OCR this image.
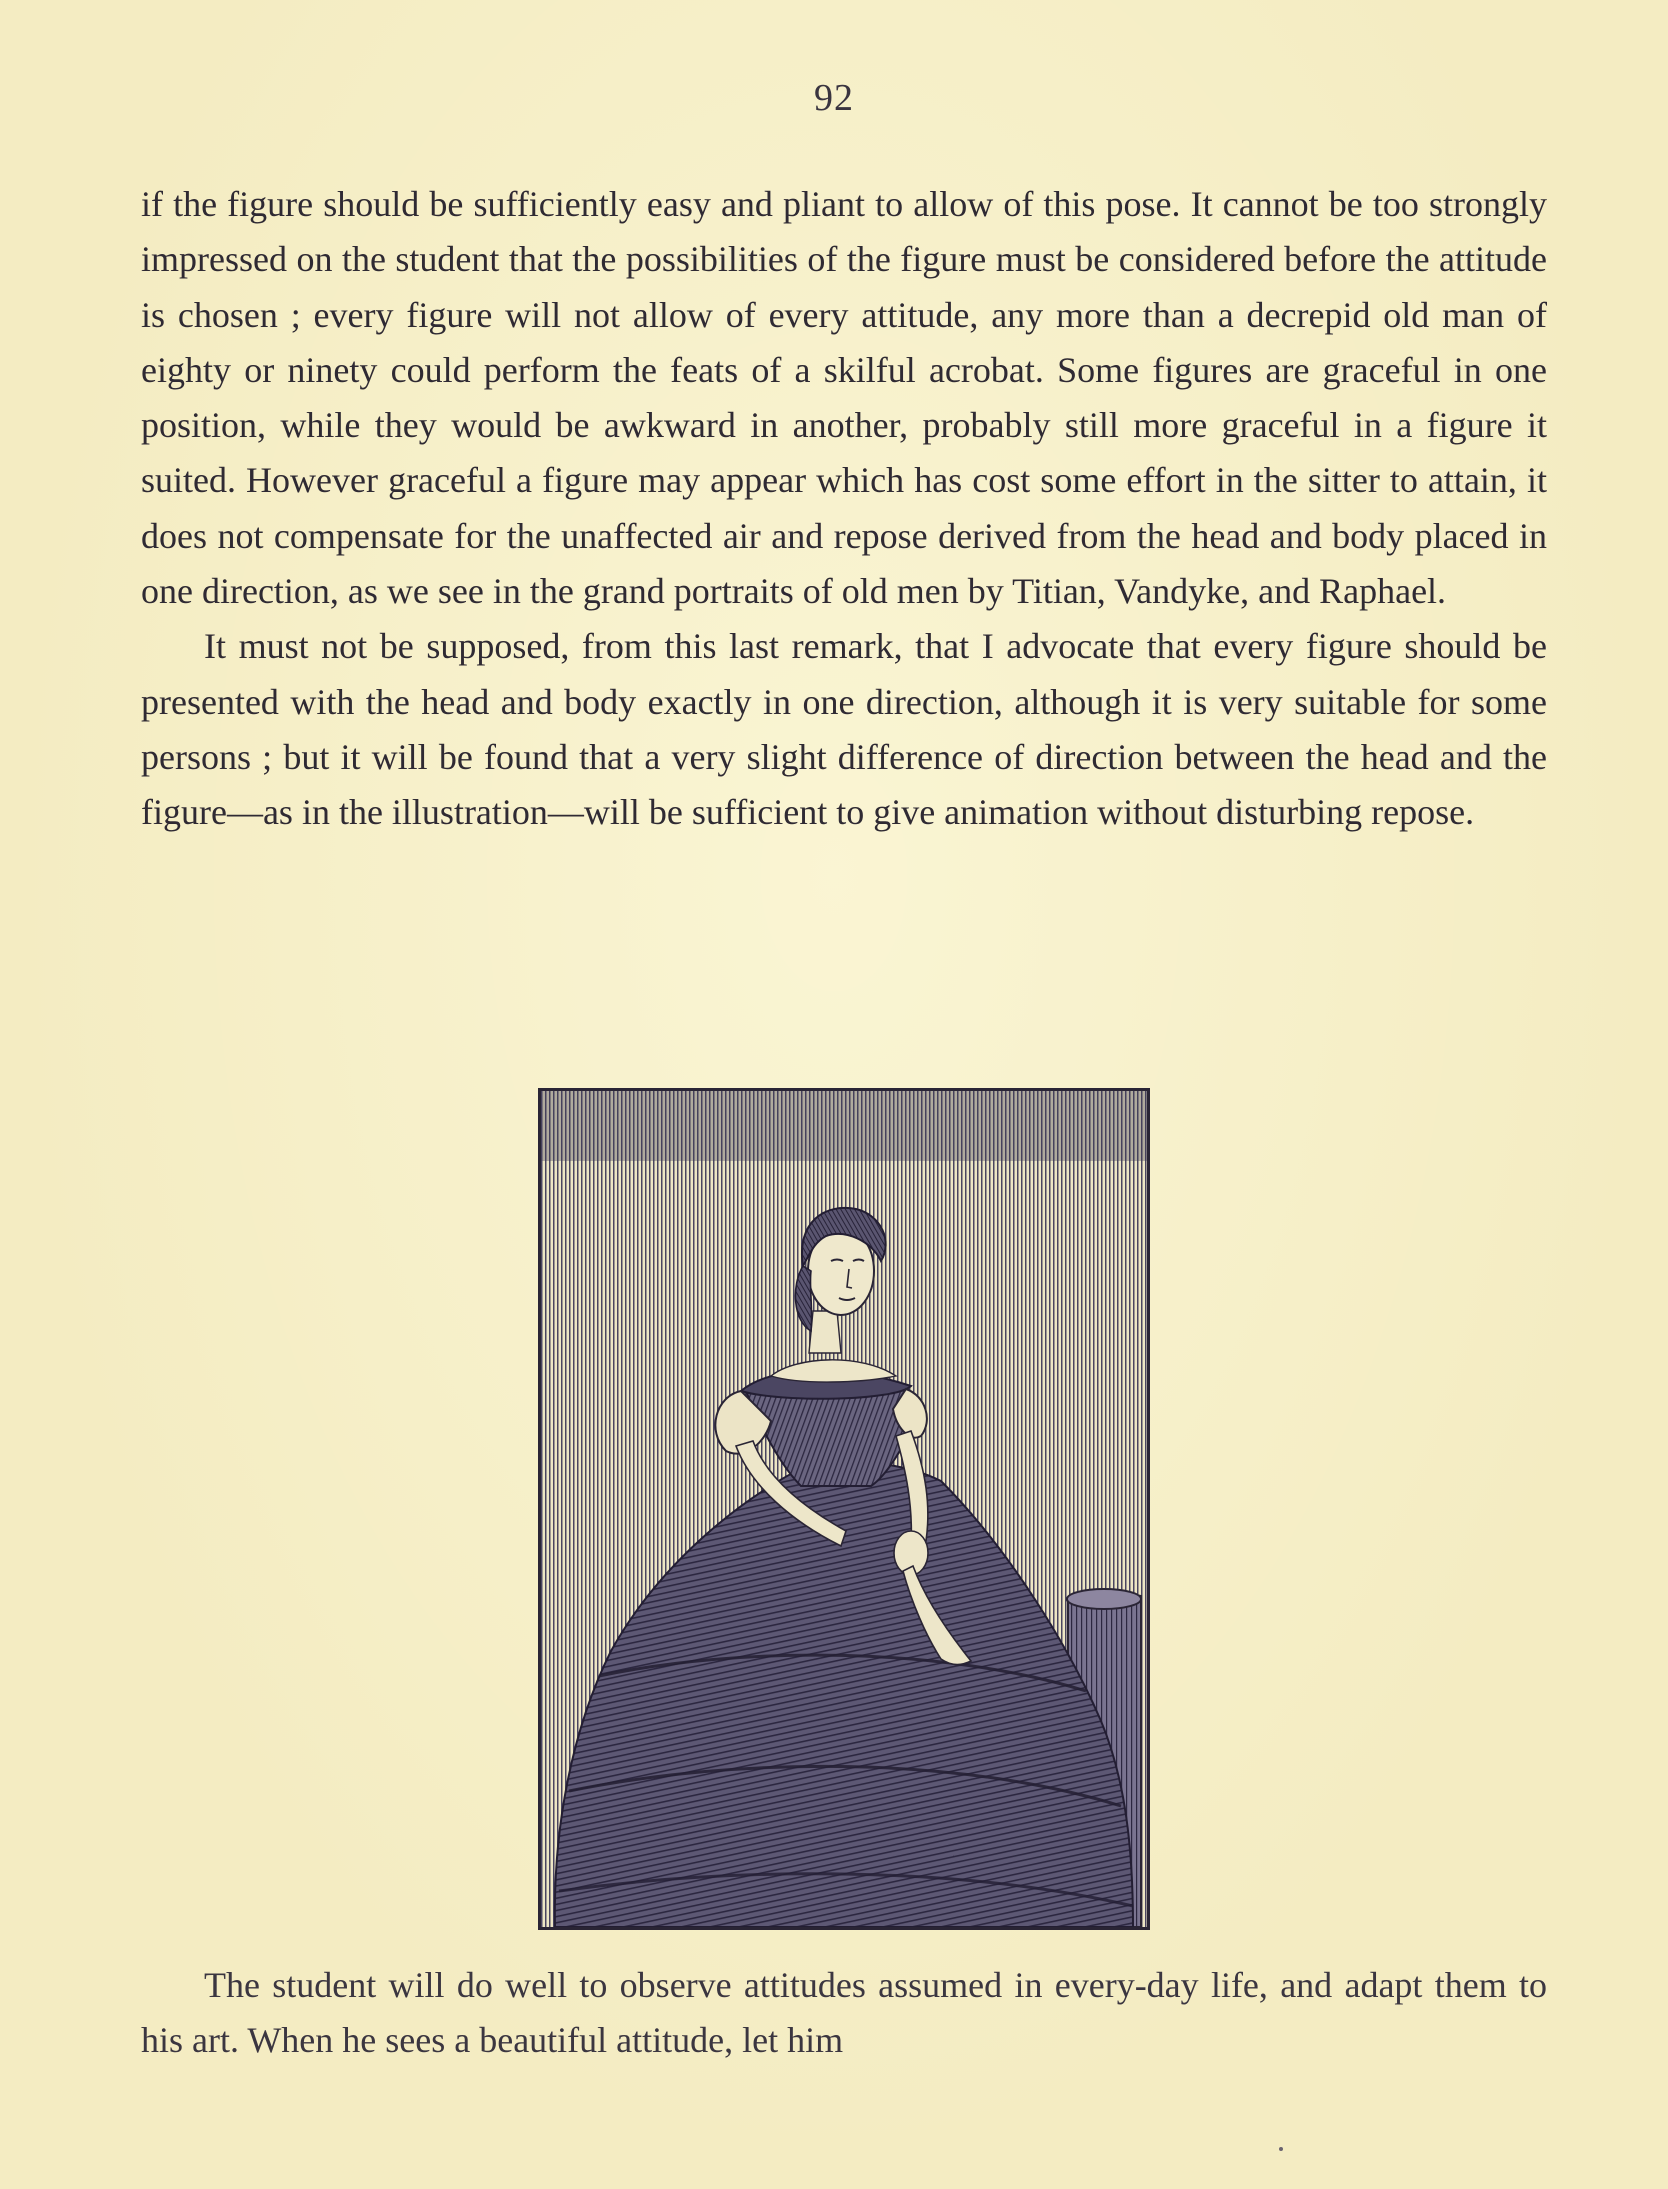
92

if the figure should be sufficiently easy and pliant to allow of this pose. It cannot be too strongly impressed on the student that the possibilities of the figure must be considered before the attitude is chosen ; every figure will not allow of every attitude, any more than a decrepid old man of eighty or ninety could perform the feats of a skilful acrobat. Some figures are graceful in one position, while they would be awkward in another, probably still more graceful in a figure it suited. However graceful a figure may appear which has cost some effort in the sitter to attain, it does not compensate for the unaffected air and repose derived from the head and body placed in one direction, as we see in the grand portraits of old men by Titian, Vandyke, and Raphael.

It must not be supposed, from this last remark, that I advocate that every figure should be presented with the head and body exactly in one direction, although it is very suitable for some persons ; but it will be found that a very slight difference of direction between the head and the figure—as in the illustration—will be sufficient to give animation without disturbing repose.

The student will do well to observe attitudes assumed in every-day life, and adapt them to his art. When he sees a beautiful attitude, let him
